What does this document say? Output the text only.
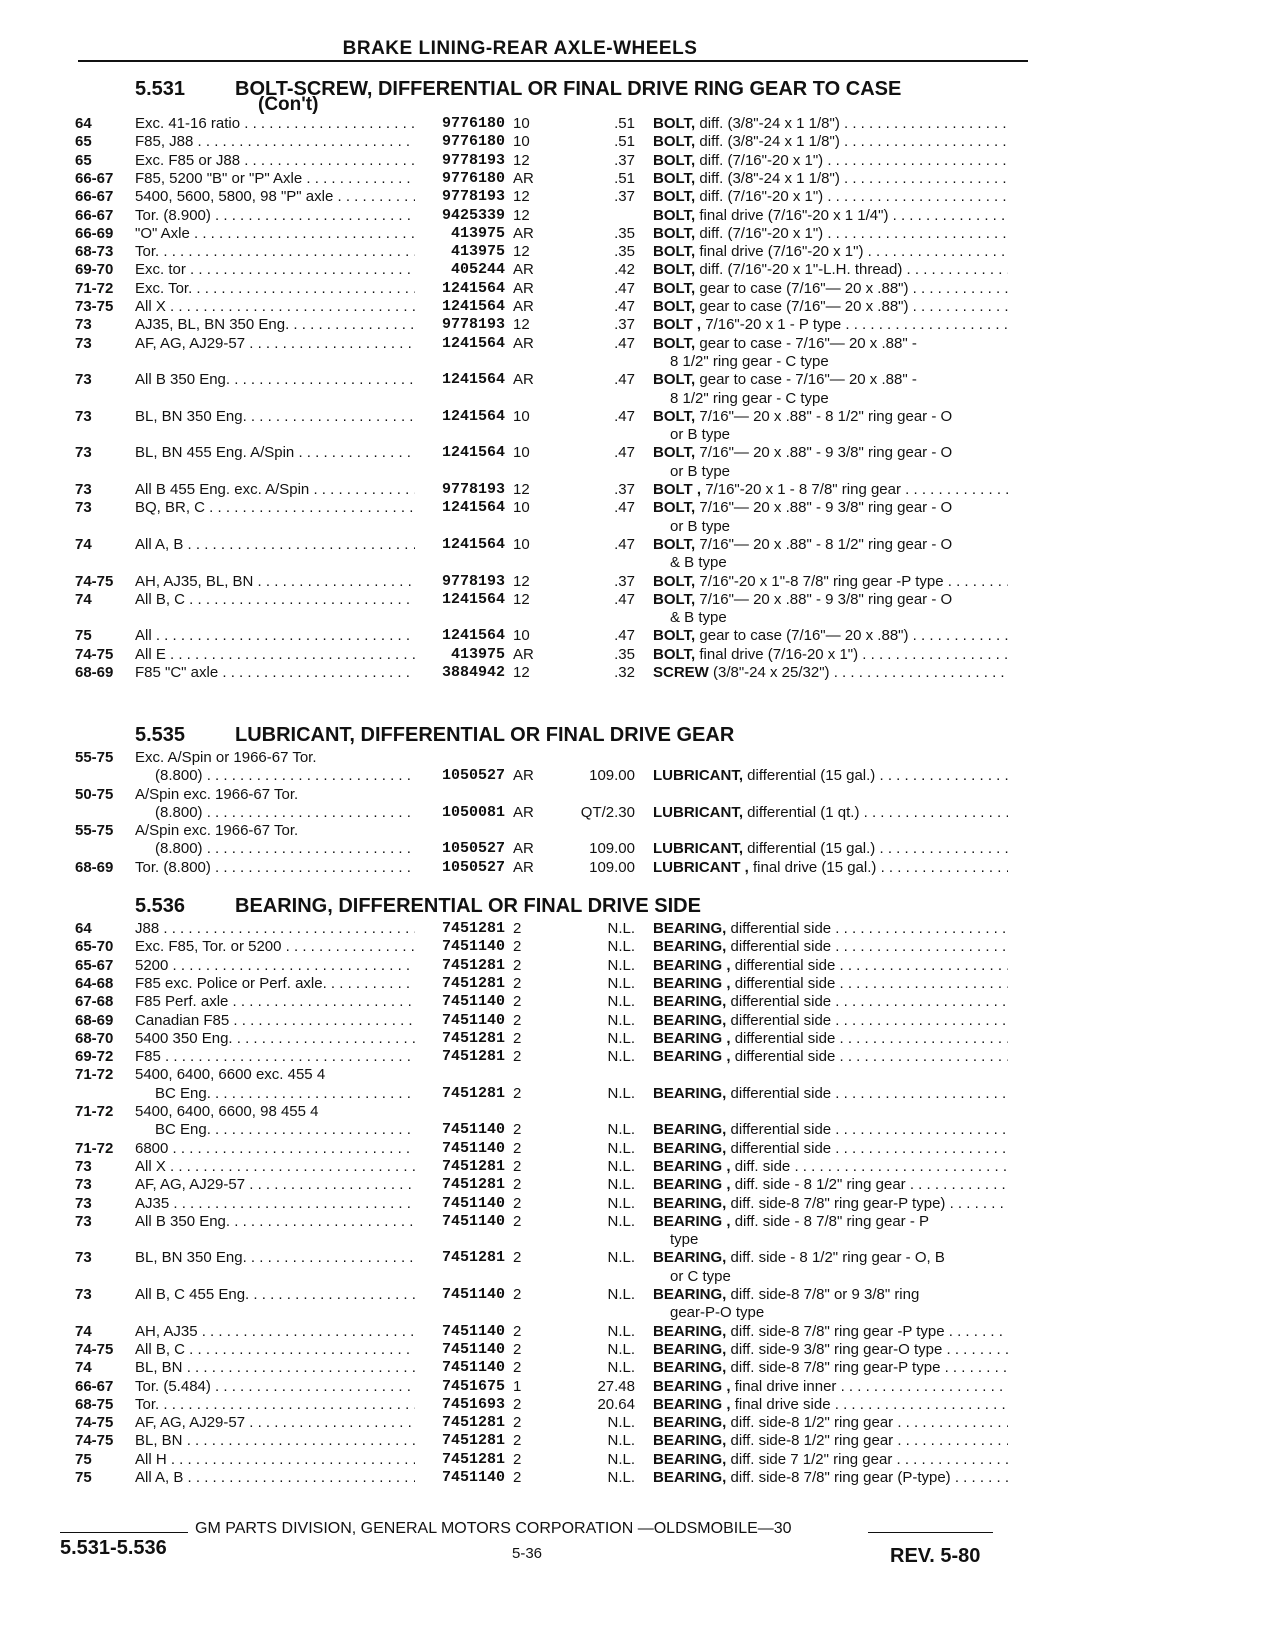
BRAKE LINING-REAR AXLE-WHEELS
5.531 BOLT-SCREW, DIFFERENTIAL OR FINAL DRIVE RING GEAR TO CASE
(Con't)
64	Exc. 41-16 ratio . . .	9776180 10	.51 BOLT, diff. (3/8"-24 x 1 1/8") . . .
65	F85, J88 . . .	9776180 10	.51 BOLT, diff. (3/8"-24 x 1 1/8") . . .
65	Exc. F85 or J88 . . .	9778193 12	.37 BOLT, diff. (7/16"-20 x 1") . . .
66-67	F85, 5200 "B" or "P" Axle . . .	9776180 AR	.51 BOLT, diff. (3/8"-24 x 1 1/8") . . .
66-67	5400, 5600, 5800, 98 "P" axle . . .	9778193 12	.37 BOLT, diff. (7/16"-20 x 1") . . .
66-67	Tor. (8.900) . . .	9425339 12	BOLT, final drive (7/16"-20 x 1 1/4") . . .
66-69	"O" Axle . . .	413975 AR	.35 BOLT, diff. (7/16"-20 x 1") . . .
68-73	Tor. . . .	413975 12	.35 BOLT, final drive (7/16"-20 x 1") . . .
69-70	Exc. tor . . .	405244 AR	.42 BOLT, diff. (7/16"-20 x 1"-L.H. thread) . . .
71-72	Exc. Tor. . . .	1241564 AR	.47 BOLT, gear to case (7/16"— 20 x .88") . . .
73-75	All X . . .	1241564 AR	.47 BOLT, gear to case (7/16"— 20 x .88") . . .
73	AJ35, BL, BN 350 Eng. . . .	9778193 12	.37 BOLT , 7/16"-20 x 1 - P type . . .
73	AF, AG, AJ29-57 . . .	1241564 AR	.47 BOLT, gear to case - 7/16"— 20 x .88" -
8 1/2" ring gear - C type
73	All B 350 Eng. . . .	1241564 AR	.47 BOLT, gear to case - 7/16"— 20 x .88" -
8 1/2" ring gear - C type
73	BL, BN 350 Eng. . . .	1241564 10	.47 BOLT, 7/16"— 20 x .88" - 8 1/2" ring gear - O
or B type
73	BL, BN 455 Eng. A/Spin . . .	1241564 10	.47 BOLT, 7/16"— 20 x .88" - 9 3/8" ring gear - O
or B type
73	All B 455 Eng. exc. A/Spin . . .	9778193 12	.37 BOLT , 7/16"-20 x 1 - 8 7/8" ring gear . . .
73	BQ, BR, C . . .	1241564 10	.47 BOLT, 7/16"— 20 x .88" - 9 3/8" ring gear - O
or B type
74	All A, B . . .	1241564 10	.47 BOLT, 7/16"— 20 x .88" - 8 1/2" ring gear - O
& B type
74-75	AH, AJ35, BL, BN . . .	9778193 12	.37 BOLT, 7/16"-20 x 1"-8 7/8" ring gear -P type . . .
74	All B, C . . .	1241564 12	.47 BOLT, 7/16"— 20 x .88" - 9 3/8" ring gear - O
& B type
75	All . . .	1241564 10	.47 BOLT, gear to case (7/16"— 20 x .88") . . .
74-75	All E . . .	413975 AR	.35 BOLT, final drive (7/16-20 x 1") . . .
68-69	F85 "C" axle . . .	3884942 12	.32 SCREW (3/8"-24 x 25/32") . . .
5.535 LUBRICANT, DIFFERENTIAL OR FINAL DRIVE GEAR
55-75	Exc. A/Spin or 1966-67 Tor.
(8.800) . . .	1050527 AR	109.00 LUBRICANT, differential (15 gal.) . . .
50-75	A/Spin exc. 1966-67 Tor.
(8.800) . . .	1050081 AR	QT/2.30 LUBRICANT, differential (1 qt.) . . .
55-75	A/Spin exc. 1966-67 Tor.
(8.800) . . .	1050527 AR	109.00 LUBRICANT, differential (15 gal.) . . .
68-69	Tor. (8.800) . . .	1050527 AR	109.00 LUBRICANT , final drive (15 gal.) . . .
5.536 BEARING, DIFFERENTIAL OR FINAL DRIVE SIDE
64	J88 . . .	7451281 2	N.L. BEARING, differential side . . .
65-70	Exc. F85, Tor. or 5200 . . .	7451140 2	N.L. BEARING, differential side . . .
65-67	5200 . . .	7451281 2	N.L. BEARING , differential side . . .
64-68	F85 exc. Police or Perf. axle. . . .	7451281 2	N.L. BEARING , differential side . . .
67-68	F85 Perf. axle . . .	7451140 2	N.L. BEARING, differential side . . .
68-69	Canadian F85 . . .	7451140 2	N.L. BEARING, differential side . . .
68-70	5400 350 Eng. . . .	7451281 2	N.L. BEARING , differential side . . .
69-72	F85 . . .	7451281 2	N.L. BEARING , differential side . . .
71-72	5400, 6400, 6600 exc. 455 4
BC Eng. . . .	7451281 2	N.L. BEARING, differential side . . .
71-72	5400, 6400, 6600, 98 455 4
BC Eng. . . .	7451140 2	N.L. BEARING, differential side . . .
71-72	6800 . . .	7451140 2	N.L. BEARING, differential side . . .
73	All X . . .	7451281 2	N.L. BEARING , diff. side . . .
73	AF, AG, AJ29-57 . . .	7451281 2	N.L. BEARING , diff. side - 8 1/2" ring gear . . .
73	AJ35 . . .	7451140 2	N.L. BEARING, diff. side-8 7/8" ring gear-P type) . . .
73	All B 350 Eng. . . .	7451140 2	N.L. BEARING , diff. side - 8 7/8" ring gear - P
type
73	BL, BN 350 Eng. . . .	7451281 2	N.L. BEARING, diff. side - 8 1/2" ring gear - O, B
or C type
73	All B, C 455 Eng. . . .	7451140 2	N.L. BEARING, diff. side-8 7/8" or 9 3/8" ring
gear-P-O type
74	AH, AJ35 . . .	7451140 2	N.L. BEARING, diff. side-8 7/8" ring gear -P type . . .
74-75	All B, C . . .	7451140 2	N.L. BEARING, diff. side-9 3/8" ring gear-O type . . .
74	BL, BN . . .	7451140 2	N.L. BEARING, diff. side-8 7/8" ring gear-P type . . .
66-67	Tor. (5.484) . . .	7451675 1	27.48 BEARING , final drive inner . . .
68-75	Tor. . . .	7451693 2	20.64 BEARING , final drive side . . .
74-75	AF, AG, AJ29-57 . . .	7451281 2	N.L. BEARING, diff. side-8 1/2" ring gear . . .
74-75	BL, BN . . .	7451281 2	N.L. BEARING, diff. side-8 1/2" ring gear . . .
75	All H . . .	7451281 2	N.L. BEARING, diff. side 7 1/2" ring gear . . .
75	All A, B . . .	7451140 2	N.L. BEARING, diff. side-8 7/8" ring gear (P-type) . . .
GM PARTS DIVISION, GENERAL MOTORS CORPORATION —OLDSMOBILE—30
5.531-5.536	5-36	REV. 5-80
